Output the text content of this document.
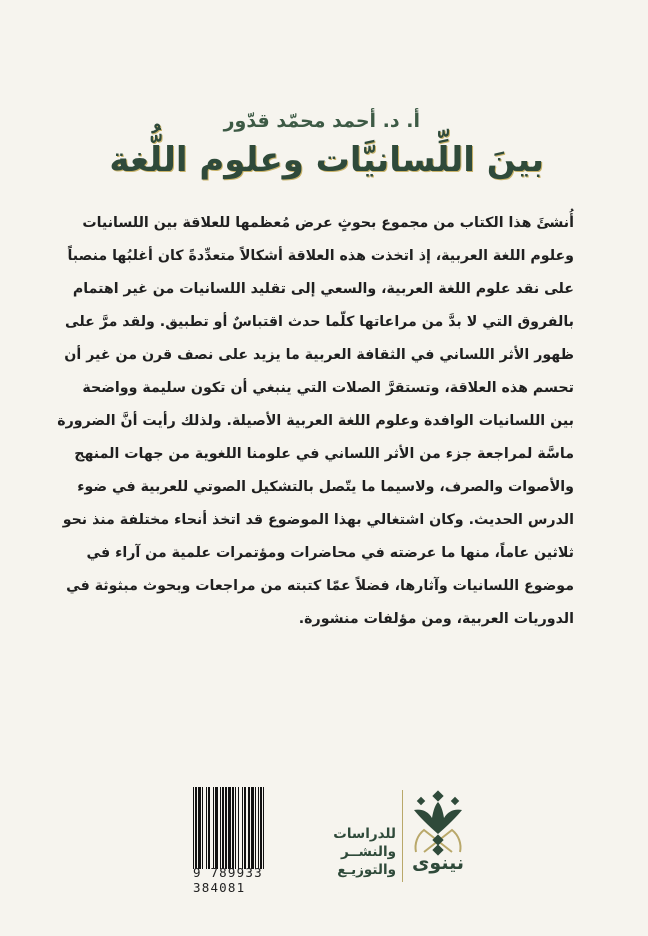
أ. د. أحمد محمّد قدّور
بينَ اللِّسانيَّات وعلوم اللُّغة
أُنشئَ هذا الكتاب من مجموع بحوثٍ عرض مُعظمها للعلاقة بين اللسانيات
وعلوم اللغة العربية، إذ اتخذت هذه العلاقة أشكالاً متعدِّدةً كان أغلبُها منصباً
على نقد علوم اللغة العربية، والسعي إلى تقليد اللسانيات من غير اهتمام
بالفروق التي لا بدَّ من مراعاتها كلّما حدث اقتباسٌ أو تطبيق. ولقد مرَّ على
ظهور الأثر اللساني في الثقافة العربية ما يزيد على نصف قرن من غير أن
تحسم هذه العلاقة، وتستقرَّ الصلات التي ينبغي أن تكون سليمة وواضحة
بين اللسانيات الوافدة وعلوم اللغة العربية الأصيلة. ولذلك رأيت أنَّ الضرورة
ماسَّة لمراجعة جزء من الأثر اللساني في علومنا اللغوية من جهات المنهج
والأصوات والصرف، ولاسيما ما يتّصل بالتشكيل الصوتي للعربية في ضوء
الدرس الحديث. وكان اشتغالي بهذا الموضوع قد اتخذ أنحاء مختلفة منذ نحو
ثلاثين عاماً، منها ما عرضته في محاضرات ومؤتمرات علمية من آراء في
موضوع اللسانيات وآثارها، فضلاً عمّا كتبته من مراجعات وبحوث مبثوثة في
الدوريات العربية، ومن مؤلفات منشورة.
9 789933 384081
للدراسات
والنشــر
والتوزيـع نينوى
